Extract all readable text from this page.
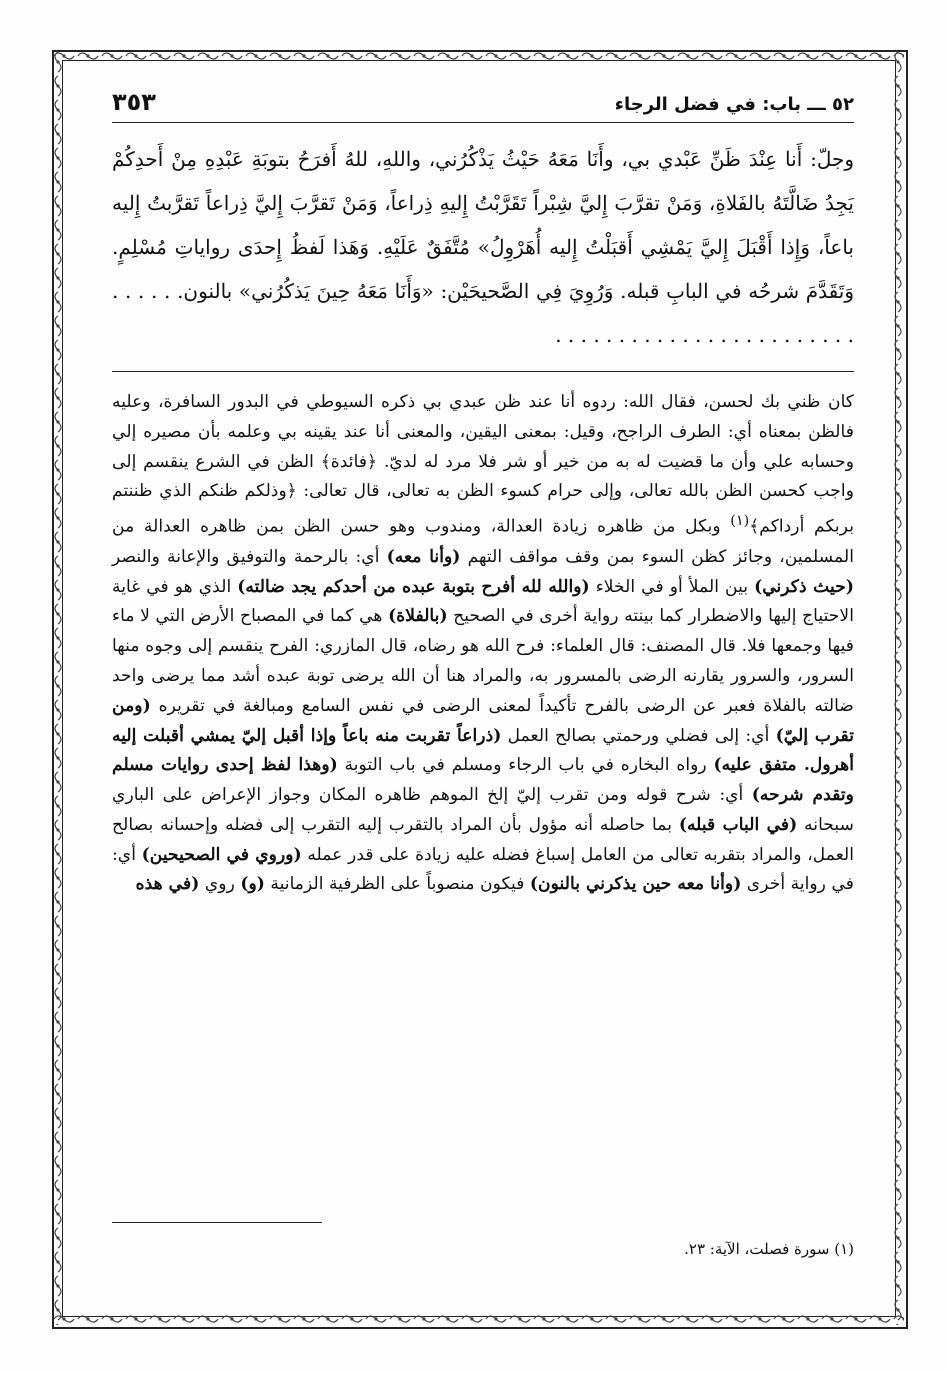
٥٢ ـــ باب: في فضل الرجاء
٣٥٣
وجلّ: أَنا عِنْدَ ظَنِّ عَبْدي بي، وأَنَا مَعَهُ حَيْثُ يَذْكُرُني، واللهِ، للهُ أَفرَحُ بتوبَةِ عَبْدِهِ مِنْ أَحدِكُمْ يَجِدُ ضَالَّتَهُ بالفَلاةِ، وَمَنْ تقرَّبَ إِليَّ شِبْراً تَقَرَّبْتُ إِليهِ ذِراعاً، وَمَنْ تَقرَّبَ إِليَّ ذِراعاً تَقرَّبتُ إِليه باعاً، وَإِذا أَقْبَلَ إِليَّ يَمْشِي أَقبَلْتُ إِليه أُهَرْوِلُ» مُتَّفَقٌ عَلَيْهِ. وَهَذا لَفظُ إِحدَى رواياتِ مُسْلِمٍ. وَتَقَدَّمَ شرحُه في البابِ قبله. وَرُوِيَ فِي الصَّحيحَيْن: «وَأَنَا مَعَهُ حِينَ يَذكُرُني» بالنون. . . . . . . . . . . . . . . . . . . . . . . . . . . . . .

كان ظني بك لحسن، فقال الله: ردوه أنا عند ظن عبدي بي ذكره السيوطي في البدور السافرة، وعليه فالظن بمعناه أي: الطرف الراجح، وقيل: بمعنى اليقين، والمعنى أنا عند يقينه بي وعلمه بأن مصيره إلي وحسابه علي وأن ما قضيت له به من خير أو شر فلا مرد له لديّ. ﴿فائدة﴾ الظن في الشرع ينقسم إلى واجب كحسن الظن بالله تعالى، وإلى حرام كسوء الظن به تعالى، قال تعالى: ﴿وذلكم ظنكم الذي ظننتم بربكم أرداكم﴾$^{(١)}$ وبكل من ظاهره زيادة العدالة، ومندوب وهو حسن الظن بمن ظاهره العدالة من المسلمين، وجائز كظن السوء بمن وقف مواقف التهم (وأنا معه) أي: بالرحمة والتوفيق والإعانة والنصر (حيث ذكرني) بين الملأ أو في الخلاء (والله لله أفرح بتوبة عبده من أحدكم يجد ضالته) الذي هو في غاية الاحتياج إليها والاضطرار كما بينته رواية أخرى في الصحيح (بالفلاة) هي كما في المصباح الأرض التي لا ماء فيها وجمعها فلا. قال المصنف: قال العلماء: فرح الله هو رضاه، قال المازري: الفرح ينقسم إلى وجوه منها السرور، والسرور يقارنه الرضى بالمسرور به، والمراد هنا أن الله يرضى توبة عبده أشد مما يرضى واحد ضالته بالفلاة فعبر عن الرضى بالفرح تأكيداً لمعنى الرضى في نفس السامع ومبالغة في تقريره (ومن تقرب إليّ) أي: إلى فضلي ورحمتي بصالح العمل (ذراعاً تقربت منه باعاً وإذا أقبل إليّ يمشي أقبلت إليه أهرول. متفق عليه) رواه البخاره في باب الرجاء ومسلم في باب التوبة (وهذا لفظ إحدى روايات مسلم وتقدم شرحه) أي: شرح قوله ومن تقرب إليّ إلخ الموهم ظاهره المكان وجواز الإعراض على الباري سبحانه (في الباب قبله) بما حاصله أنه مؤول بأن المراد بالتقرب إليه التقرب إلى فضله وإحسانه بصالح العمل، والمراد بتقربه تعالى من العامل إسباغ فضله عليه زيادة على قدر عمله (وروي في الصحيحين) أي: في رواية أخرى (وأنا معه حين يذكرني بالنون) فيكون منصوباً على الظرفية الزمانية (و) روي (في هذه

(١) سورة فصلت، الآية: ٢٣.
